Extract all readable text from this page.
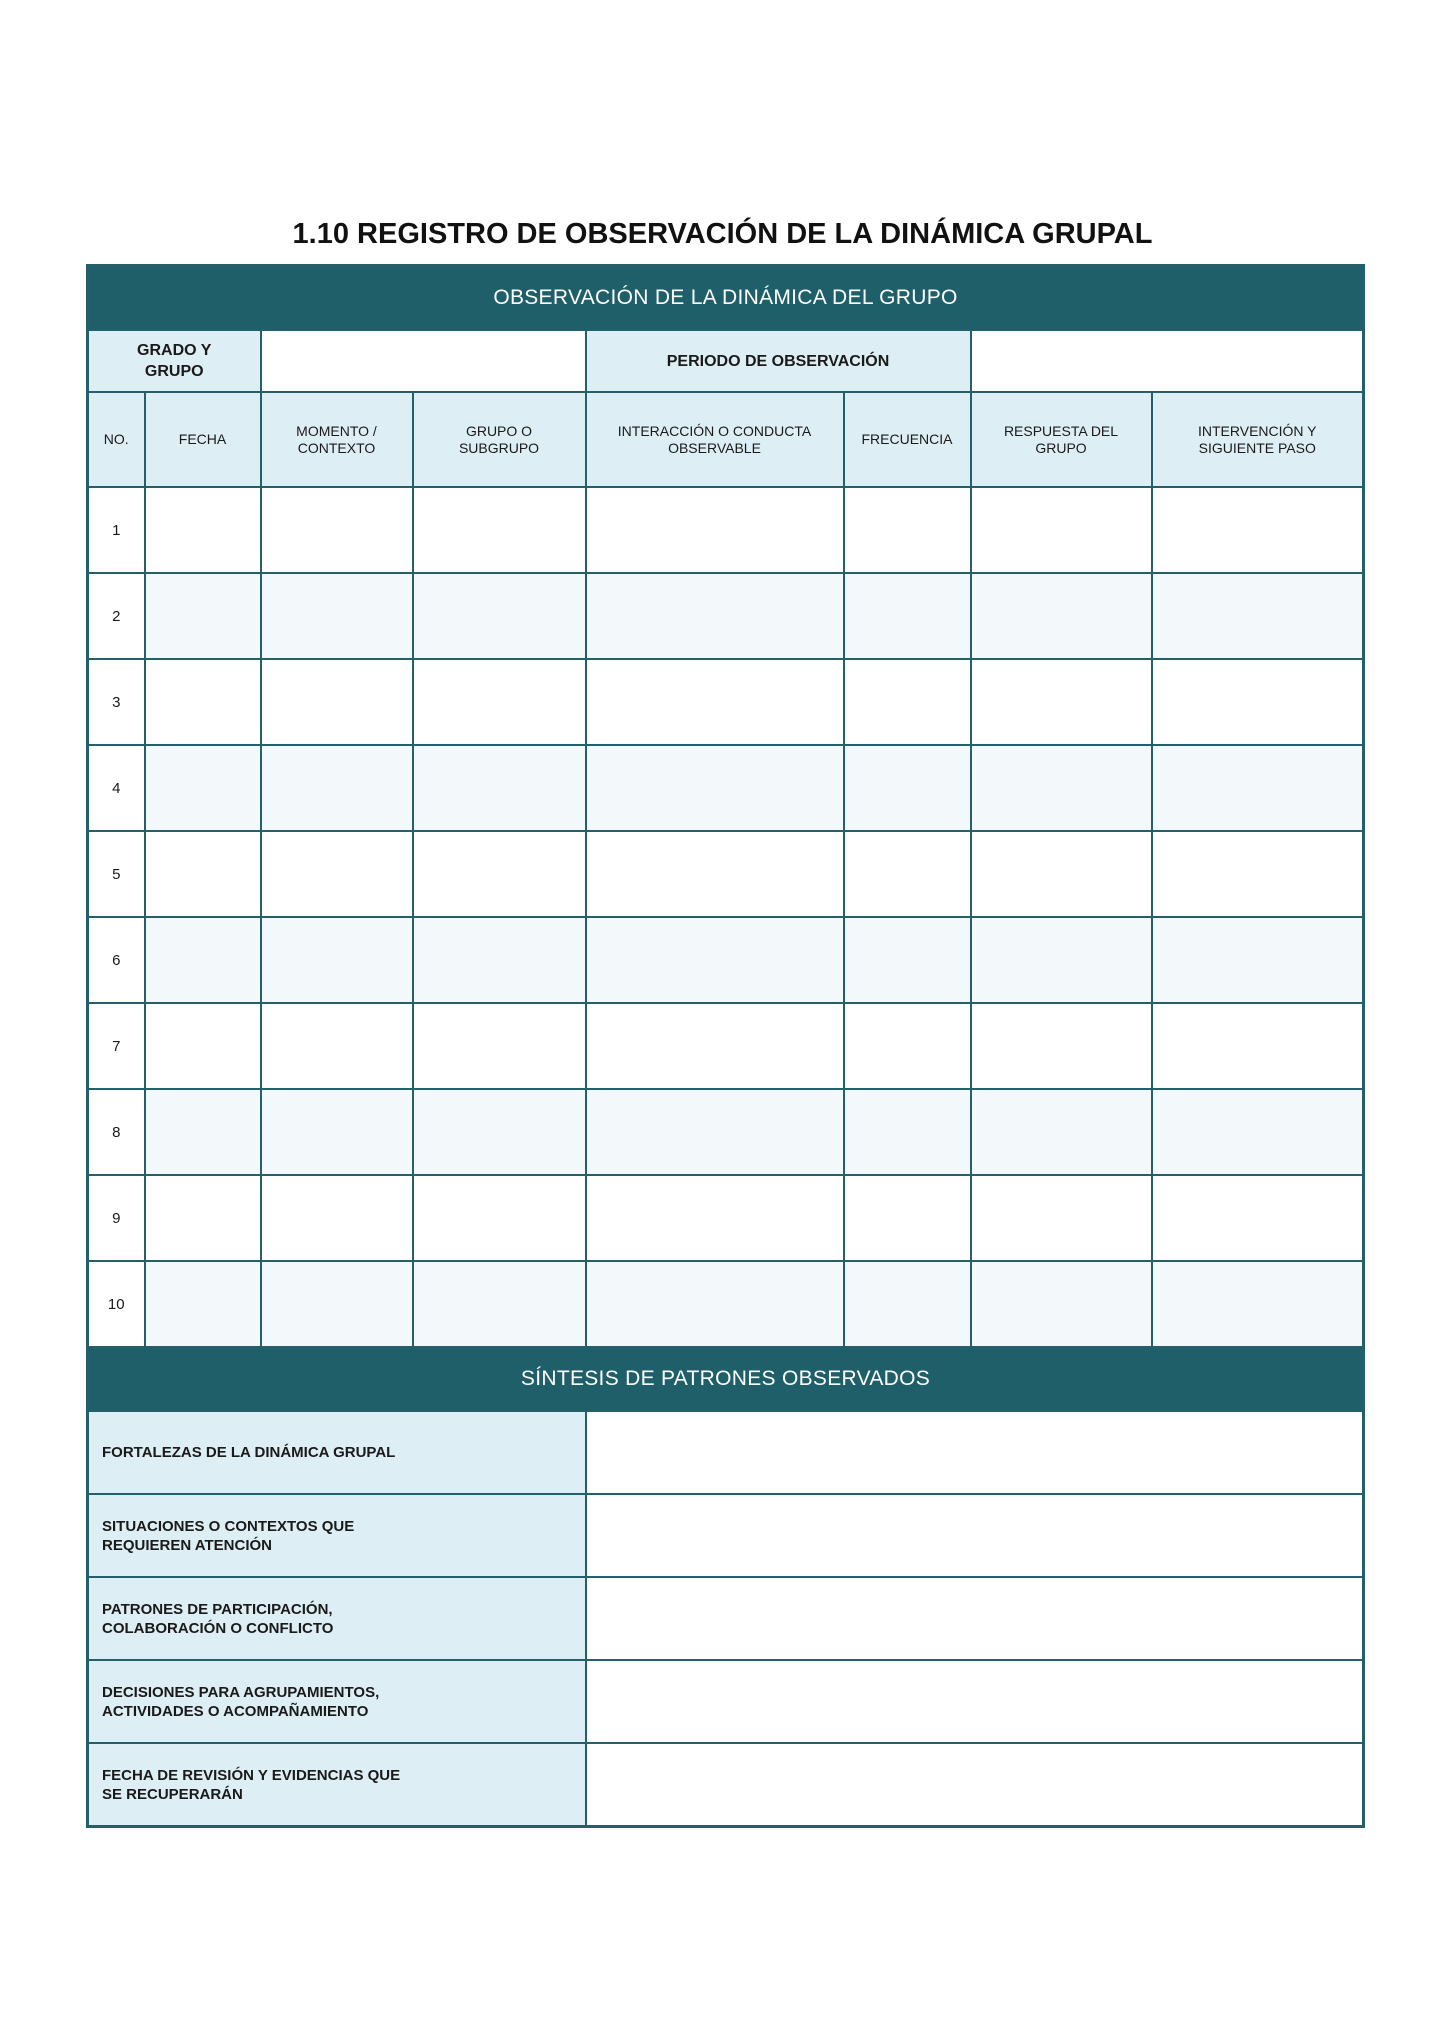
1.10 REGISTRO DE OBSERVACIÓN DE LA DINÁMICA GRUPAL
OBSERVACIÓN DE LA DINÁMICA DEL GRUPO							

GRADO Y GRUPO				PERIODO DE OBSERVACIÓN			
NO.	FECHA	MOMENTO / CONTEXTO	GRUPO O SUBGRUPO	INTERACCIÓN O CONDUCTA OBSERVABLE	FRECUENCIA	RESPUESTA DEL GRUPO	INTERVENCIÓN Y SIGUIENTE PASO
1							
2							
3							
4							
5							
6							
7							
8							
9							
10							
SÍNTESIS DE PATRONES OBSERVADOS							

FORTALEZAS DE LA DINÁMICA GRUPAL							

SITUACIONES O CONTEXTOS QUE REQUIEREN ATENCIÓN							

PATRONES DE PARTICIPACIÓN, COLABORACIÓN O CONFLICTO							

DECISIONES PARA AGRUPAMIENTOS, ACTIVIDADES O ACOMPAÑAMIENTO							

FECHA DE REVISIÓN Y EVIDENCIAS QUE SE RECUPERARÁN							
